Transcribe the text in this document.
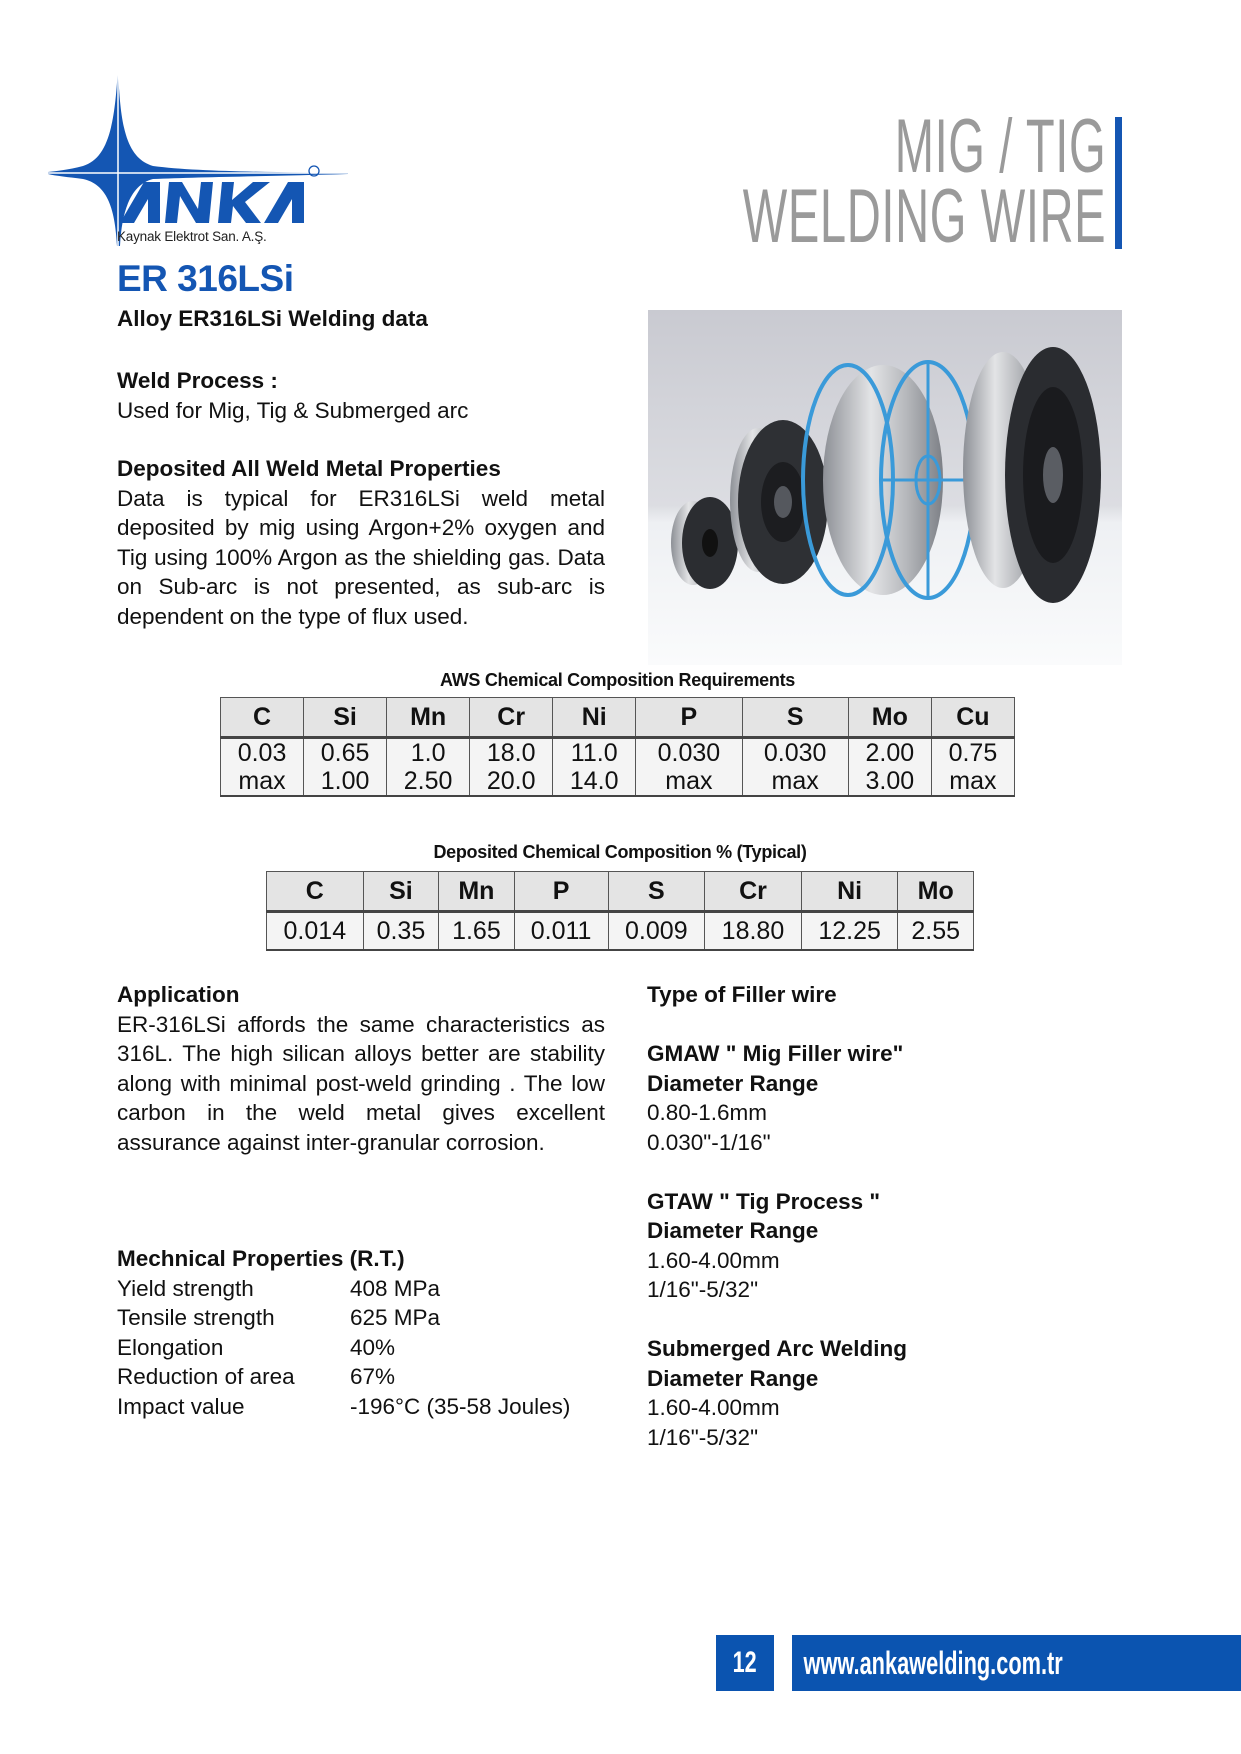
Kaynak Elektrot San. A.Ş.
MIG / TIG
WELDING WIRE
ER 316LSi
Alloy ER316LSi Welding data
Weld Process :
Used for Mig, Tig & Submerged arc
Deposited All Weld Metal Properties
Data is typical for ER316LSi weld metal deposited by mig using Argon+2% oxygen and Tig using 100% Argon as the shielding gas. Data on Sub-arc is not presented, as sub-arc is dependent on the type of flux used.
AWS Chemical Composition Requirements
C	Si	Mn	Cr	Ni	P	S	Mo	Cu
0.03	0.65	1.0	18.0	11.0	0.030	0.030	2.00	0.75
max	1.00	2.50	20.0	14.0	max	max	3.00	max
Deposited Chemical Composition % (Typical)
C	Si	Mn	P	S	Cr	Ni	Mo
0.014	0.35	1.65	0.011	0.009	18.80	12.25	2.55
Application
ER-316LSi affords the same characteristics as 316L. The high silican alloys better are stability along with minimal post-weld grinding . The low carbon in the weld metal gives excellent assurance against inter-granular corrosion.
Mechnical Properties (R.T.)
Yield strength	408 MPa
Tensile strength	625 MPa
Elongation	40%
Reduction of area	67%
Impact value	-196°C (35-58 Joules)
Type of Filler wire
GMAW " Mig Filler wire"
Diameter Range
0.80-1.6mm
0.030"-1/16"
GTAW " Tig Process "
Diameter Range
1.60-4.00mm
1/16"-5/32"
Submerged Arc Welding
Diameter Range
1.60-4.00mm
1/16"-5/32"
12	www.ankawelding.com.tr
